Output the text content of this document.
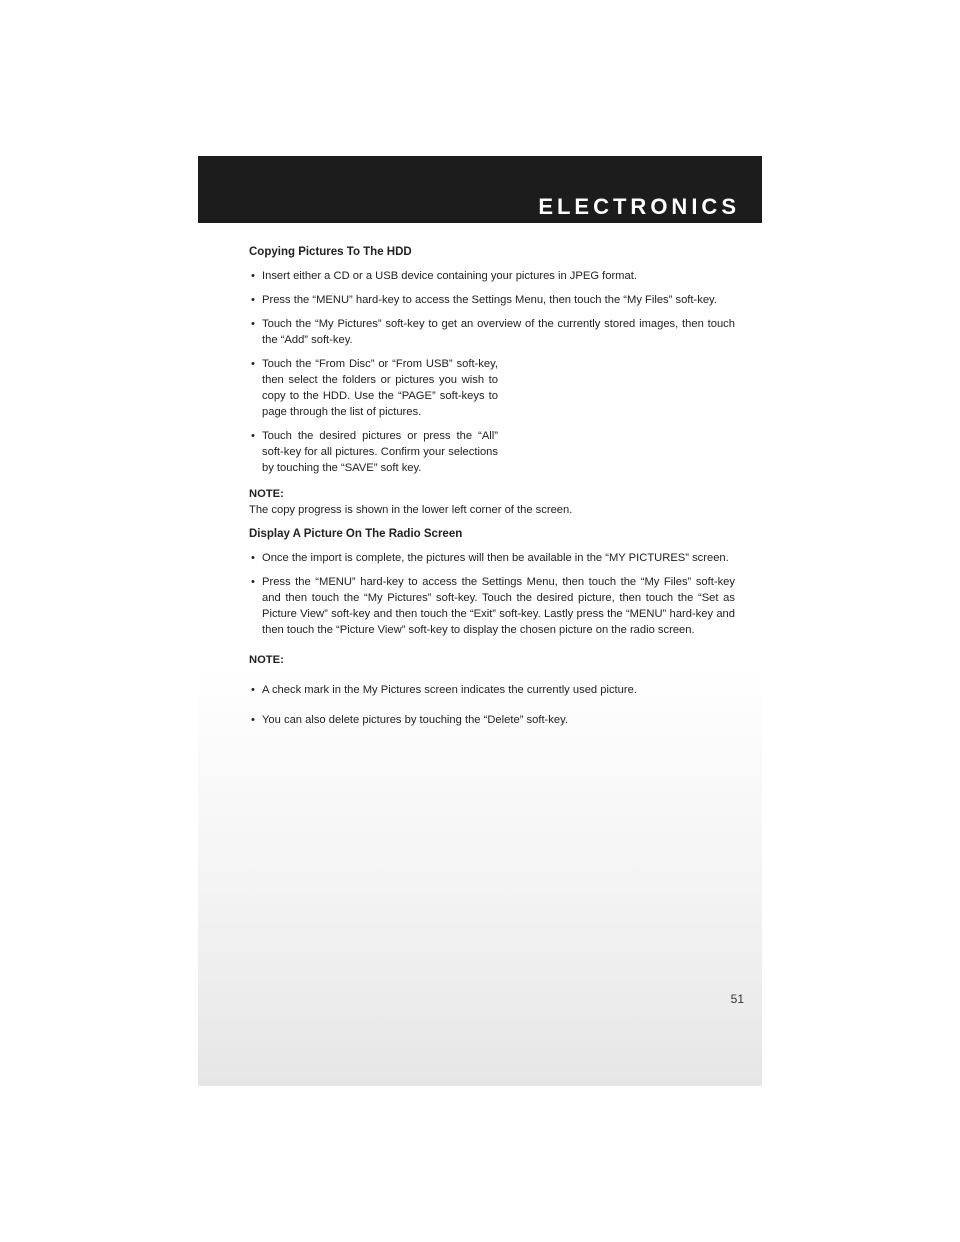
ELECTRONICS

Copying Pictures To The HDD

• Insert either a CD or a USB device containing your pictures in JPEG format.

• Press the “MENU” hard-key to access the Settings Menu, then touch the “My Files” soft-key.

• Touch the “My Pictures” soft-key to get an overview of the currently stored images, then touch the “Add” soft-key.

• Touch the “From Disc” or “From USB” soft-key, then select the folders or pictures you wish to copy to the HDD. Use the “PAGE” soft-keys to page through the list of pictures.

• Touch the desired pictures or press the “All” soft-key for all pictures. Confirm your selections by touching the “SAVE” soft key.

NOTE:

The copy progress is shown in the lower left corner of the screen.

Display A Picture On The Radio Screen

• Once the import is complete, the pictures will then be available in the “MY PICTURES” screen.

• Press the “MENU” hard-key to access the Settings Menu, then touch the “My Files” soft-key and then touch the “My Pictures” soft-key. Touch the desired picture, then touch the “Set as Picture View” soft-key and then touch the “Exit” soft-key. Lastly press the “MENU” hard-key and then touch the “Picture View” soft-key to display the chosen picture on the radio screen.

NOTE:

• A check mark in the My Pictures screen indicates the currently used picture.

• You can also delete pictures by touching the “Delete” soft-key.

51
